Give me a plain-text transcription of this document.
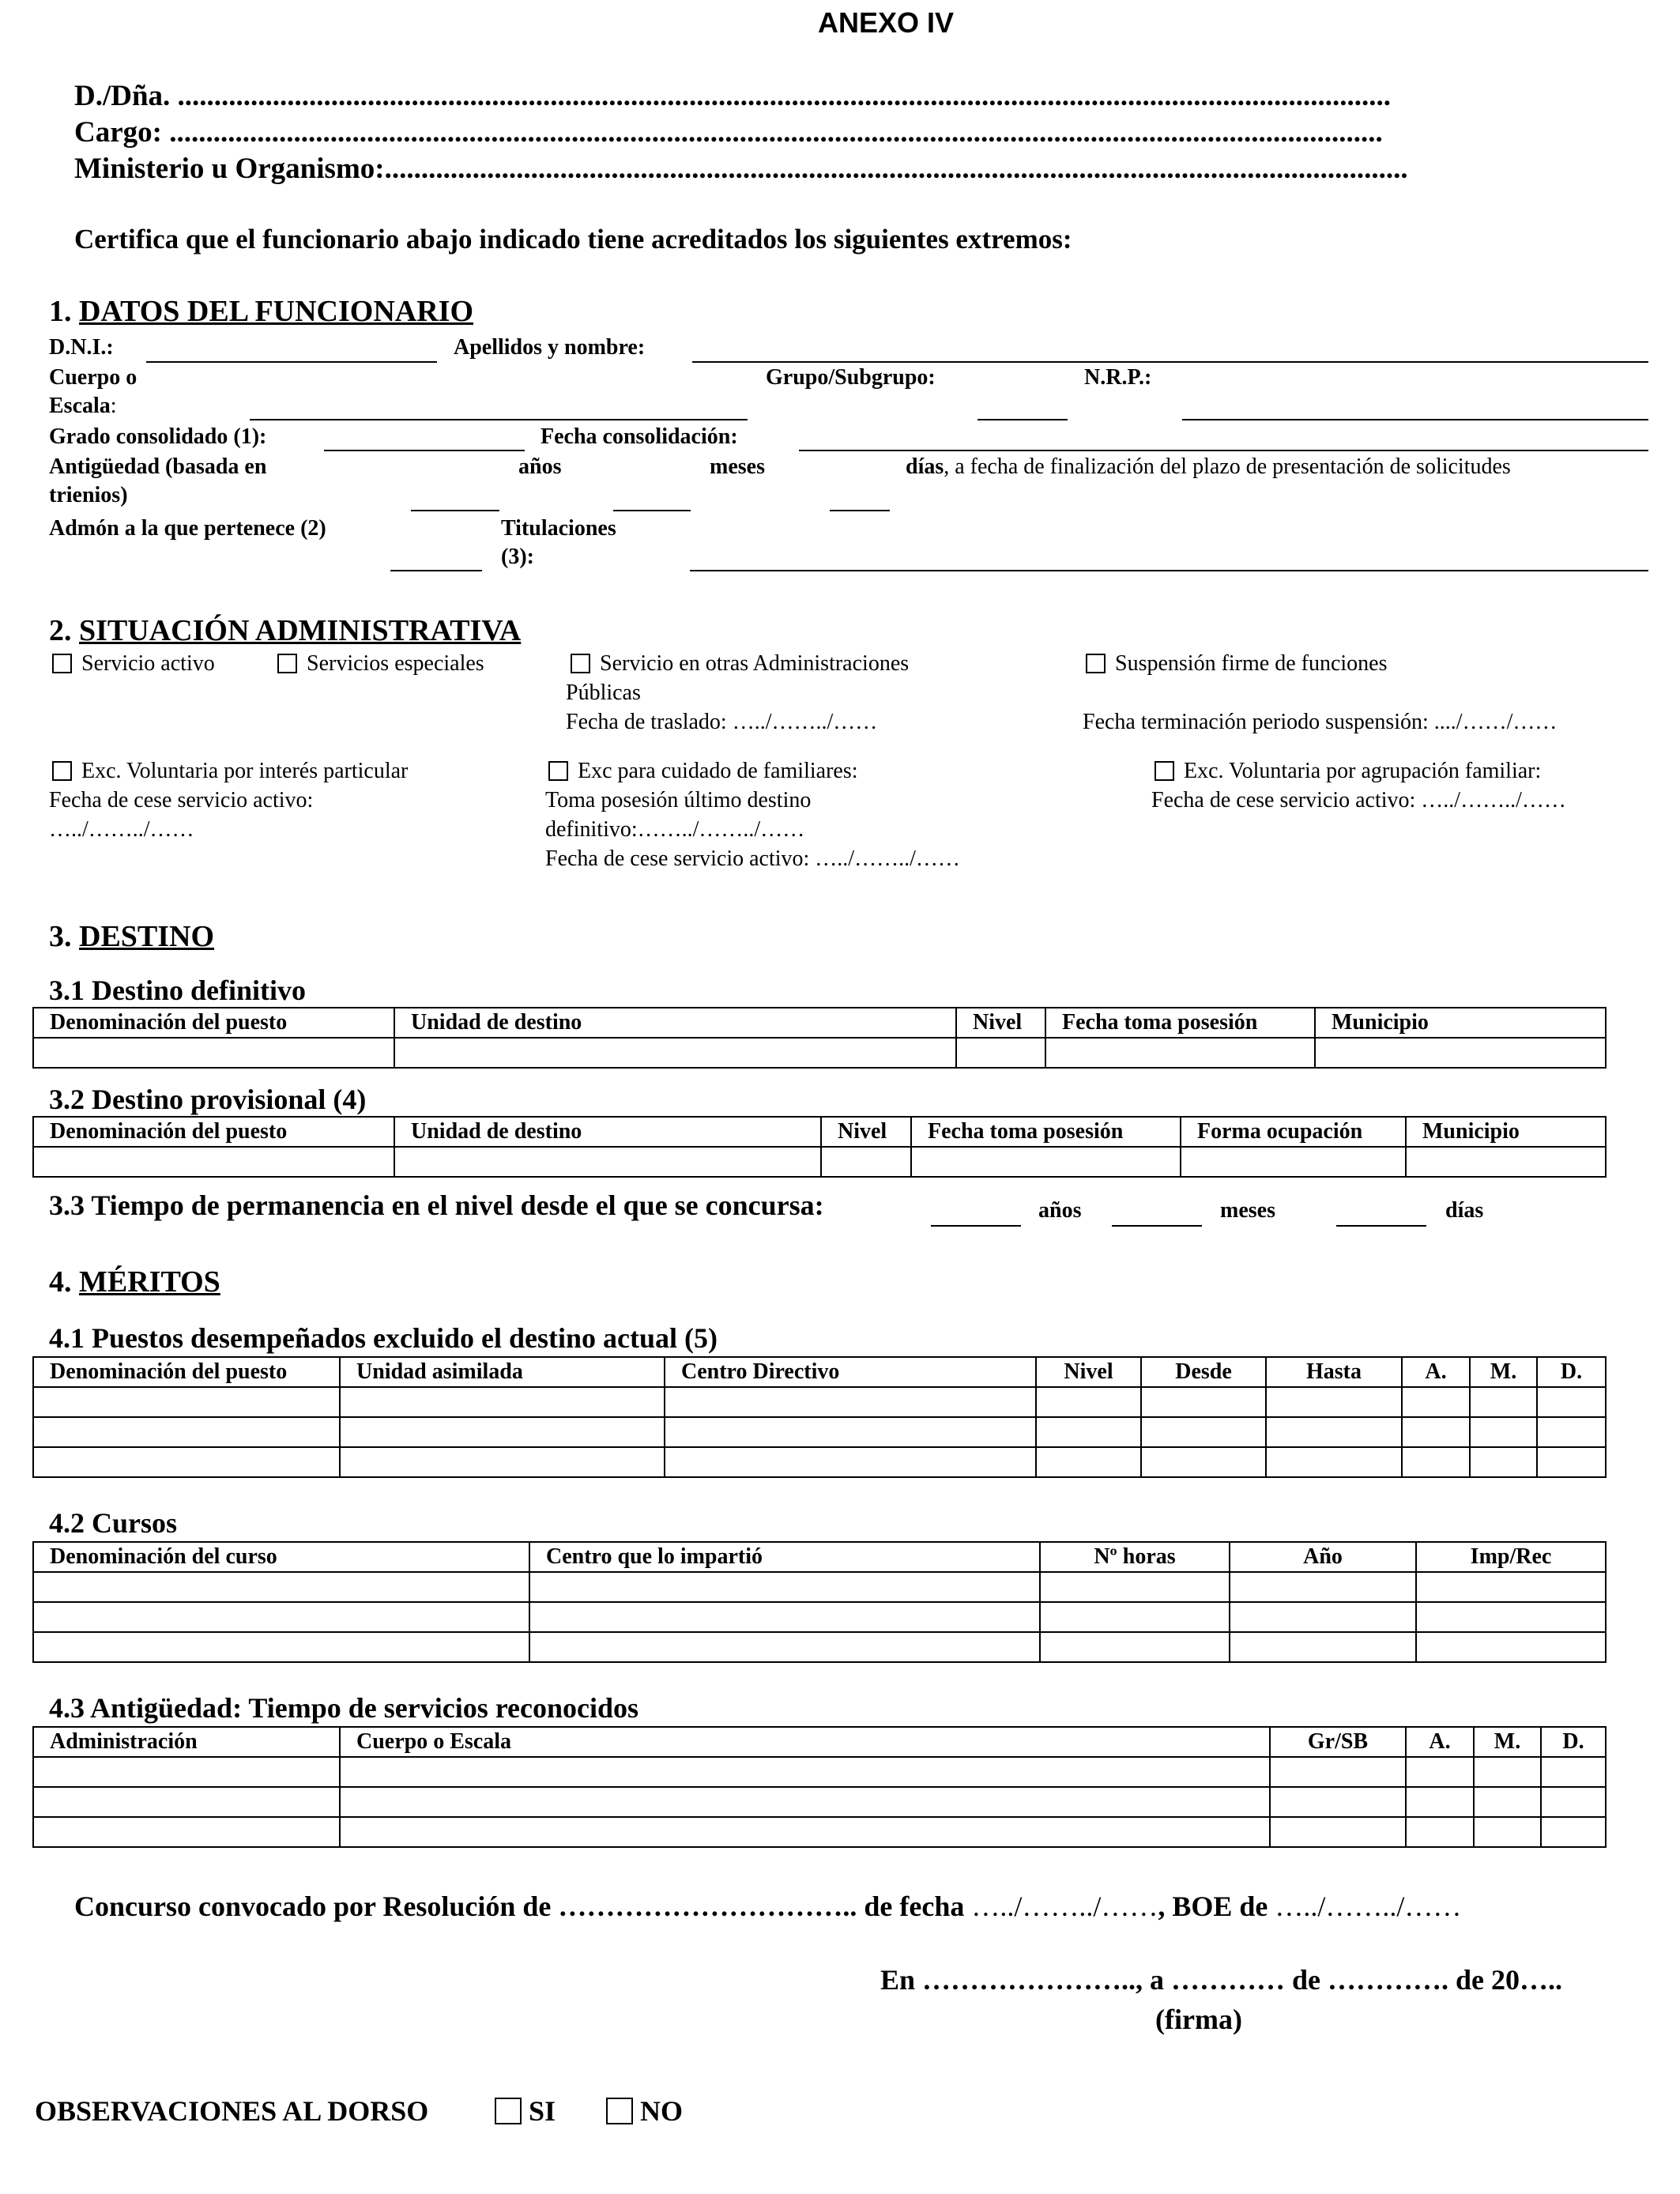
ANEXO IV
D./Dña. ......................................................................................................................................................................
Cargo: ......................................................................................................................................................................
Ministerio u Organismo:............................................................................................................................................
Certifica que el funcionario abajo indicado tiene acreditados los siguientes extremos:
1. DATOS DEL FUNCIONARIO
D.N.I.:	Apellidos y nombre:
Cuerpo o
Escala:
Grupo/Subgrupo:	N.R.P.:
Grado consolidado (1):	Fecha consolidación:
Antigüedad (basada en
trienios)
años	meses	días, a fecha de finalización del plazo de presentación de solicitudes
Admón a la que pertenece (2)	Titulaciones
(3):
2. SITUACIÓN ADMINISTRATIVA
Servicio activo	Servicios especiales	Servicio en otras Administraciones
Públicas
Fecha de traslado: …../……../……
Suspensión firme de funciones
Fecha terminación periodo suspensión: ..../……/……
Exc. Voluntaria por interés particular
Fecha de cese servicio activo:
…../……../……
Exc para cuidado de familiares:
Toma posesión último destino
definitivo:……../……../……
Fecha de cese servicio activo: …../……../……
Exc. Voluntaria por agrupación familiar:
Fecha de cese servicio activo: …../……../……
3. DESTINO
3.1 Destino definitivo
Denominación del puesto	Unidad de destino	Nivel	Fecha toma posesión	Municipio

3.2 Destino provisional (4)
Denominación del puesto	Unidad de destino	Nivel	Fecha toma posesión	Forma ocupación	Municipio

3.3 Tiempo de permanencia en el nivel desde el que se concursa:	años	meses	días
4. MÉRITOS
4.1 Puestos desempeñados excluido el destino actual (5)
Denominación del puesto	Unidad asimilada	Centro Directivo	Nivel	Desde	Hasta	A.	M.	D.

4.2 Cursos
Denominación del curso	Centro que lo impartió	Nº horas	Año	Imp/Rec

4.3 Antigüedad: Tiempo de servicios reconocidos
Administración	Cuerpo o Escala	Gr/SB	A.	M.	D.

Concurso convocado por Resolución de ………………………….. de fecha …../……../……, BOE de …../……../……
En ………………….., a ………… de …………. de 20…..
(firma)
OBSERVACIONES AL DORSO	SI	NO
